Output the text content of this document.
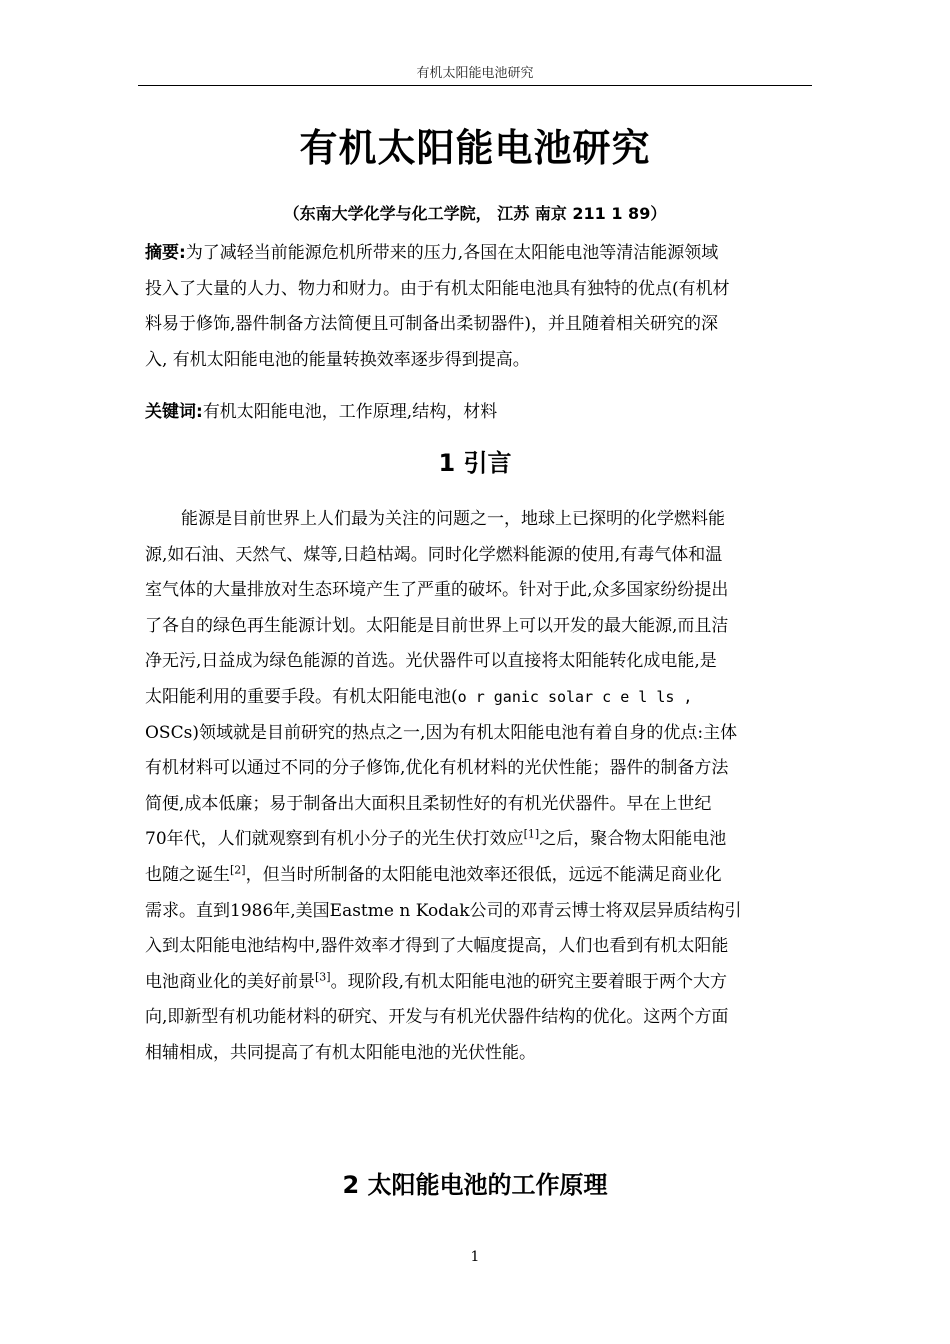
有机太阳能电池研究
有机太阳能电池研究
（东南大学化学与化工学院， 江苏 南京 211 1 89）
摘要:为了减轻当前能源危机所带来的压力,各国在太阳能电池等清洁能源领域
投入了大量的人力、物力和财力。由于有机太阳能电池具有独特的优点(有机材
料易于修饰,器件制备方法简便且可制备出柔韧器件)，并且随着相关研究的深
入, 有机太阳能电池的能量转换效率逐步得到提高。
关键词:有机太阳能电池，工作原理,结构，材料
1 引言
能源是目前世界上人们最为关注的问题之一，地球上已探明的化学燃料能
源,如石油、天然气、煤等,日趋枯竭。同时化学燃料能源的使用,有毒气体和温
室气体的大量排放对生态环境产生了严重的破坏。针对于此,众多国家纷纷提出
了各自的绿色再生能源计划。太阳能是目前世界上可以开发的最大能源,而且洁
净无污,日益成为绿色能源的首选。光伏器件可以直接将太阳能转化成电能,是
太阳能利用的重要手段。有机太阳能电池(o r ganic solar c e l ls ,
OSCs)领域就是目前研究的热点之一,因为有机太阳能电池有着自身的优点:主体
有机材料可以通过不同的分子修饰,优化有机材料的光伏性能；器件的制备方法
简便,成本低廉；易于制备出大面积且柔韧性好的有机光伏器件。早在上世纪
70年代，人们就观察到有机小分子的光生伏打效应[1]之后，聚合物太阳能电池
也随之诞生[2]，但当时所制备的太阳能电池效率还很低，远远不能满足商业化
需求。直到1986年,美国Eastme n Kodak公司的邓青云博士将双层异质结构引
入到太阳能电池结构中,器件效率才得到了大幅度提高，人们也看到有机太阳能
电池商业化的美好前景[3]。现阶段,有机太阳能电池的研究主要着眼于两个大方
向,即新型有机功能材料的研究、开发与有机光伏器件结构的优化。这两个方面
相辅相成，共同提高了有机太阳能电池的光伏性能。
2 太阳能电池的工作原理
1
